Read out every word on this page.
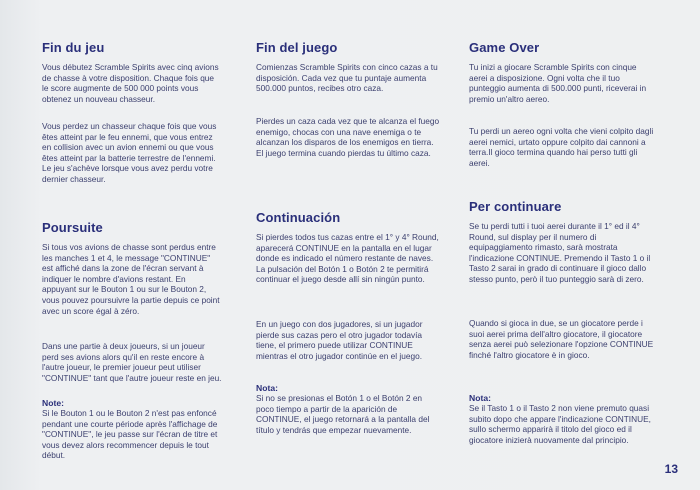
Fin du jeu

Vous débutez Scramble Spirits avec cinq avions de chasse à votre disposition. Chaque fois que le score augmente de 500 000 points vous obtenez un nouveau chasseur.

Vous perdez un chasseur chaque fois que vous êtes atteint par le feu ennemi, que vous entrez en collision avec un avion ennemi ou que vous êtes atteint par la batterie terrestre de l'ennemi. Le jeu s'achève lorsque vous avez perdu votre dernier chasseur.

Poursuite

Si tous vos avions de chasse sont perdus entre les manches 1 et 4, le message "CONTINUE" est affiché dans la zone de l'écran servant à indiquer le nombre d'avions restant. En appuyant sur le Bouton 1 ou sur le Bouton 2, vous pouvez poursuivre la partie depuis ce point avec un score égal à zéro.

Dans une partie à deux joueurs, si un joueur perd ses avions alors qu'il en reste encore à l'autre joueur, le premier joueur peut utiliser "CONTINUE" tant que l'autre joueur reste en jeu.

Note:

Si le Bouton 1 ou le Bouton 2 n'est pas enfoncé pendant une courte période après l'affichage de "CONTINUE", le jeu passe sur l'écran de titre et vous devez alors recommencer depuis le tout début.

Fin del juego

Comienzas Scramble Spirits con cinco cazas a tu disposición. Cada vez que tu puntaje aumenta 500.000 puntos, recibes otro caza.

Pierdes un caza cada vez que te alcanza el fuego enemigo, chocas con una nave enemiga o te alcanzan los disparos de los enemigos en tierra. El juego termina cuando pierdas tu último caza.

Continuación

Si pierdes todos tus cazas entre el 1° y 4° Round, aparecerá CONTINUE en la pantalla en el lugar donde es indicado el número restante de naves. La pulsación del Botón 1 o Botón 2 te permitirá continuar el juego desde allí sin ningún punto.

En un juego con dos jugadores, si un jugador pierde sus cazas pero el otro jugador todavía tiene, el primero puede utilizar CONTINUE mientras el otro jugador continúe en el juego.

Nota:

Si no se presionas el Botón 1 o el Botón 2 en poco tiempo a partir de la aparición de CONTINUE, el juego retornará a la pantalla del título y tendrás que empezar nuevamente.

Game Over

Tu inizi a giocare Scramble Spirits con cinque aerei a disposizione. Ogni volta che il tuo punteggio aumenta di 500.000 punti, riceverai in premio un'altro aereo.

Tu perdi un aereo ogni volta che vieni colpito dagli aerei nemici, urtato oppure colpito dai cannoni a terra.Il gioco termina quando hai perso tutti gli aerei.

Per continuare

Se tu perdi tutti i tuoi aerei durante il 1° ed il 4° Round, sul display per il numero di equipaggiamento rimasto, sarà mostrata l'indicazione CONTINUE. Premendo il Tasto 1 o il Tasto 2 sarai in grado di continuare il gioco dallo stesso punto, però il tuo punteggio sarà di zero.

Quando si gioca in due, se un giocatore perde i suoi aerei prima dell'altro giocatore, il giocatore senza aerei può selezionare l'opzione CONTINUE finché l'altro giocatore è in gioco.

Nota:

Se il Tasto 1 o il Tasto 2 non viene premuto quasi subito dopo che appare l'indicazione CONTINUE, sullo schermo apparirà il titolo del gioco ed il giocatore inizierà nuovamente dal principio.

13
